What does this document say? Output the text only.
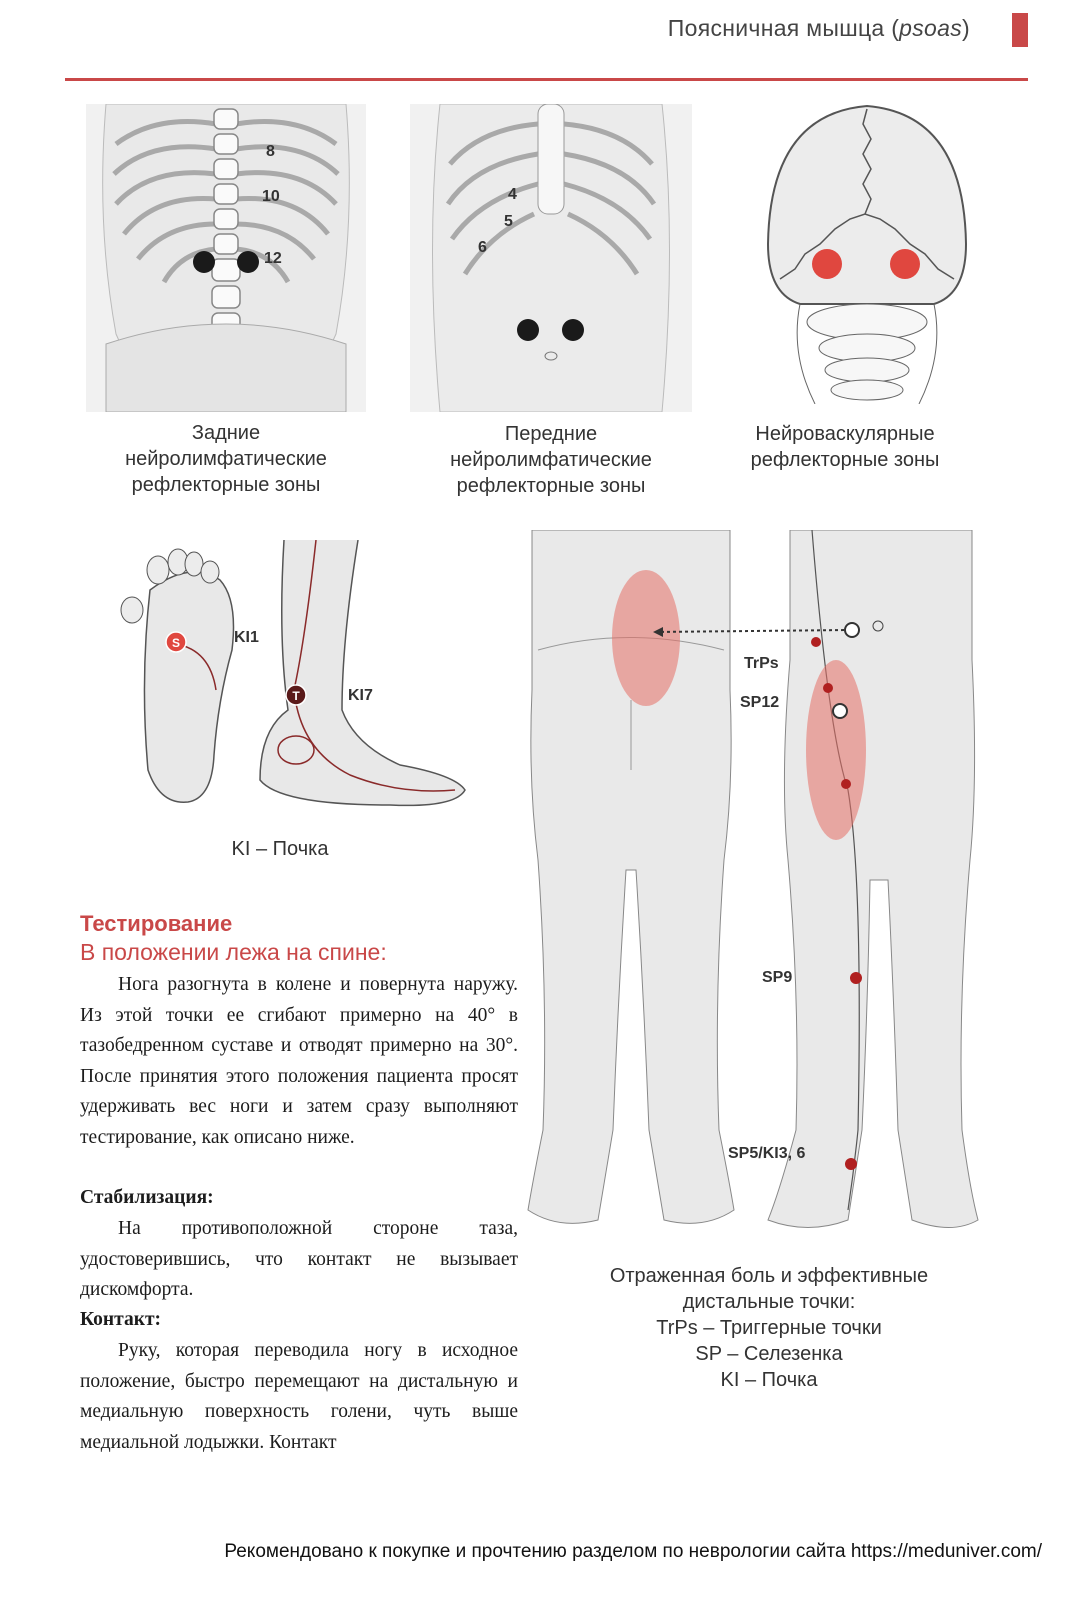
Поясничная мышца (psoas)
8
10
12
Задние
нейролимфатические
рефлекторные зоны
4
5
6
Передние
нейролимфатические
рефлекторные зоны
Нейроваскулярные
рефлекторные зоны
S	KI1
T	KI7
KI – Почка
TrPs
SP12
SP9
SP5/KI3, 6
Отраженная боль и эффективные
дистальные точки:
TrPs – Триггерные точки
SP – Селезенка
KI – Почка
Тестирование
В положении лежа на спине:
Нога разогнута в колене и повернута наружу. Из этой точки ее сгибают примерно на 40° в тазобедренном суставе и отводят примерно на 30°. После принятия этого положения пациента просят удерживать вес ноги и затем сразу выполняют тестирование, как описано ниже.
Стабилизация:
На противоположной стороне таза, удостоверившись, что контакт не вызывает дискомфорта.
Контакт:
Руку, которая переводила ногу в исходное положение, быстро перемещают на дистальную и медиальную поверхность голени, чуть выше медиальной лодыжки. Контакт
Рекомендовано к покупке и прочтению разделом по неврологии сайта https://meduniver.com/
